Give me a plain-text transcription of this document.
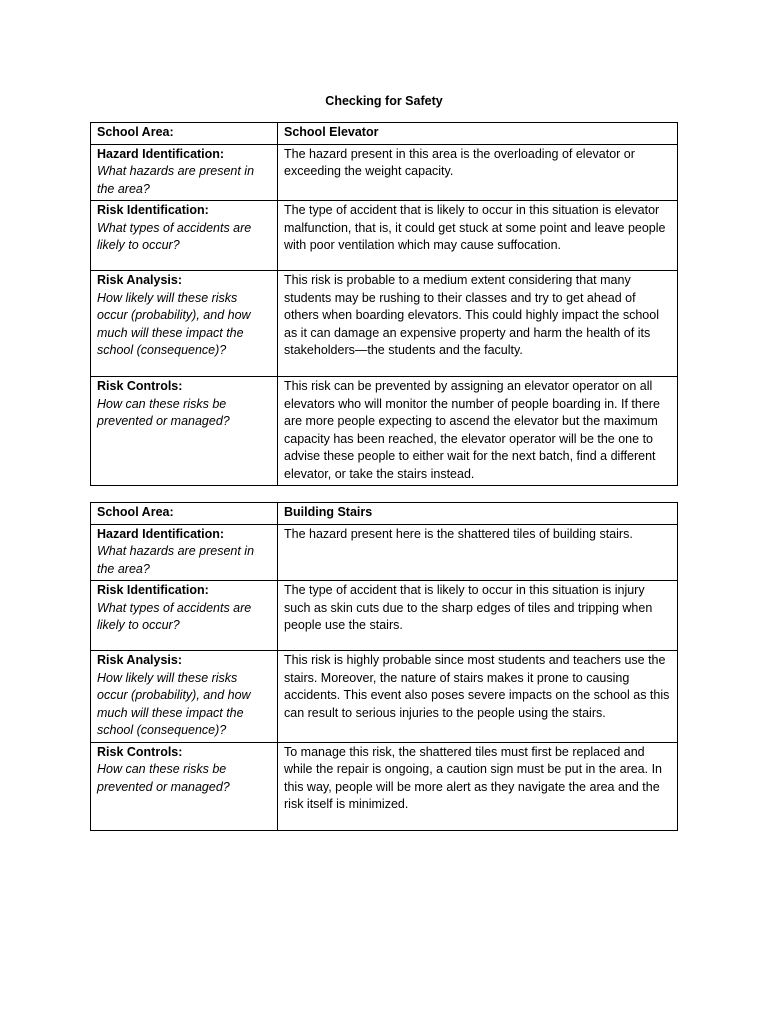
Checking for Safety
School Area:	School Elevator

Hazard Identification:
What hazards are present in the area?	The hazard present in this area is the overloading of elevator or exceeding the weight capacity.

Risk Identification:
What types of accidents are likely to occur?	The type of accident that is likely to occur in this situation is elevator malfunction, that is, it could get stuck at some point and leave people with poor ventilation which may cause suffocation.

Risk Analysis:
How likely will these risks occur (probability), and how much will these impact the school (consequence)?	This risk is probable to a medium extent considering that many students may be rushing to their classes and try to get ahead of others when boarding elevators. This could highly impact the school as it can damage an expensive property and harm the health of its stakeholders—the students and the faculty.

Risk Controls:
How can these risks be prevented or managed?	This risk can be prevented by assigning an elevator operator on all elevators who will monitor the number of people boarding in. If there are more people expecting to ascend the elevator but the maximum capacity has been reached, the elevator operator will be the one to advise these people to either wait for the next batch, find a different elevator, or take the stairs instead.
School Area:	Building Stairs

Hazard Identification:
What hazards are present in the area?	The hazard present here is the shattered tiles of building stairs.

Risk Identification:
What types of accidents are likely to occur?	The type of accident that is likely to occur in this situation is injury such as skin cuts due to the sharp edges of tiles and tripping when people use the stairs.

Risk Analysis:
How likely will these risks occur (probability), and how much will these impact the school (consequence)?	This risk is highly probable since most students and teachers use the stairs. Moreover, the nature of stairs makes it prone to causing accidents. This event also poses severe impacts on the school as this can result to serious injuries to the people using the stairs.

Risk Controls:
How can these risks be prevented or managed?	To manage this risk, the shattered tiles must first be replaced and while the repair is ongoing, a caution sign must be put in the area. In this way, people will be more alert as they navigate the area and the risk itself is minimized.
